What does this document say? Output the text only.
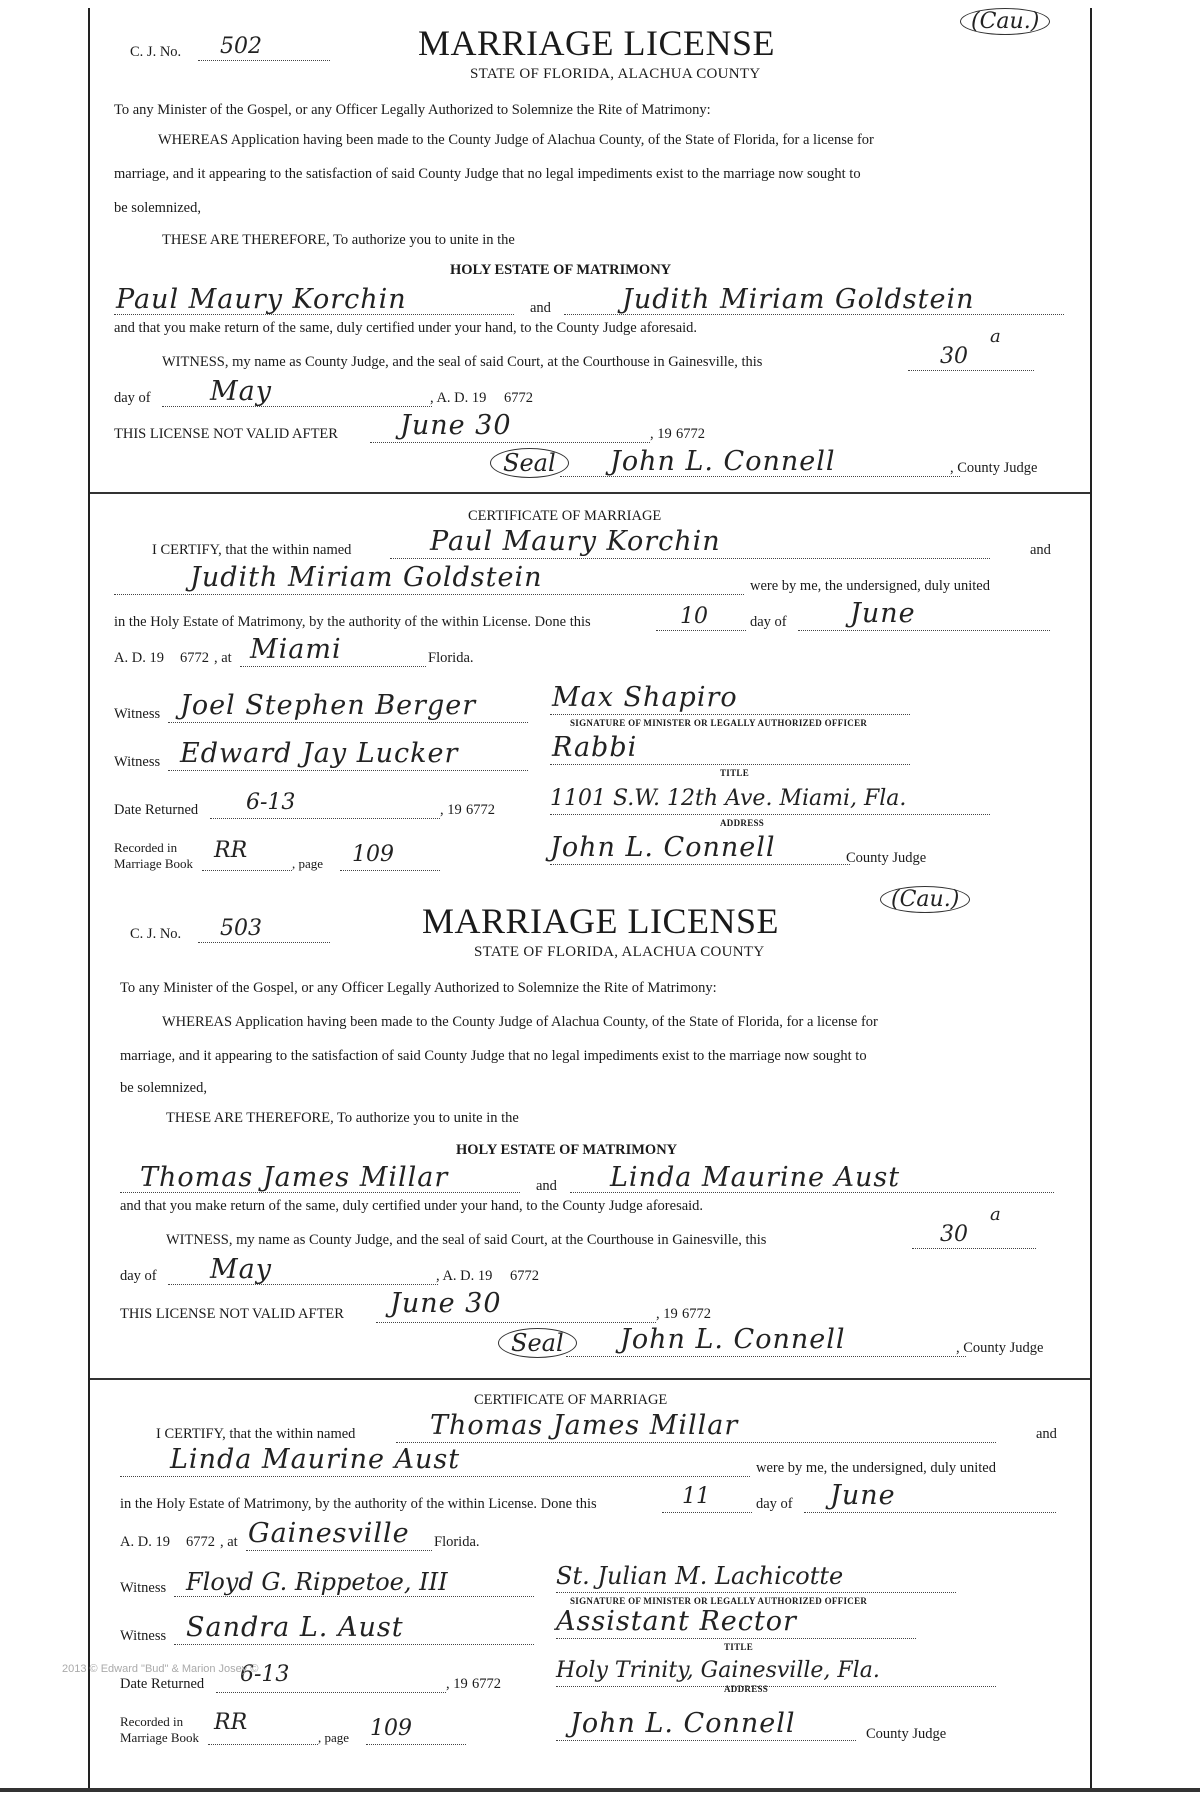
C. J. No. 502	MARRIAGE LICENSE
(Cau.)
STATE OF FLORIDA, ALACHUA COUNTY
To any Minister of the Gospel, or any Officer Legally Authorized to Solemnize the Rite of Matrimony:
WHEREAS Application having been made to the County Judge of Alachua County, of the State of Florida, for a license for
marriage, and it appearing to the satisfaction of said County Judge that no legal impediments exist to the marriage now sought to
be solemnized,
THESE ARE THEREFORE, To authorize you to unite in the
HOLY ESTATE OF MATRIMONY
Paul Maury Korchin	and	Judith Miriam Goldstein
and that you make return of the same, duly certified under your hand, to the County Judge aforesaid.
WITNESS, my name as County Judge, and the seal of said Court, at the Courthouse in Gainesville, this	30
a
day of May	, A. D. 19 6772
THIS LICENSE NOT VALID AFTER June 30	, 19 6772
Seal	John L. Connell	, County Judge
CERTIFICATE OF MARRIAGE
I CERTIFY, that the within named	Paul Maury Korchin	and
Judith Miriam Goldstein	were by me, the undersigned, duly united
in the Holy Estate of Matrimony, by the authority of the within License. Done this	10	day of June
A. D. 19 6772 , at Miami	Florida.
Witness Joel Stephen Berger	Max Shapiro
SIGNATURE OF MINISTER OR LEGALLY AUTHORIZED OFFICER
Witness Edward Jay Lucker	Rabbi
TITLE
Date Returned 6-13	, 19 6772	1101 S.W. 12th Ave. Miami, Fla.
ADDRESS
Recorded in
Marriage Book
RR
, page 109	John L. Connell	County Judge
C. J. No. 503	MARRIAGE LICENSE
(Cau.)
STATE OF FLORIDA, ALACHUA COUNTY
To any Minister of the Gospel, or any Officer Legally Authorized to Solemnize the Rite of Matrimony:
WHEREAS Application having been made to the County Judge of Alachua County, of the State of Florida, for a license for
marriage, and it appearing to the satisfaction of said County Judge that no legal impediments exist to the marriage now sought to
be solemnized,
THESE ARE THEREFORE, To authorize you to unite in the
HOLY ESTATE OF MATRIMONY
Thomas James Millar	and Linda Maurine Aust
and that you make return of the same, duly certified under your hand, to the County Judge aforesaid.
WITNESS, my name as County Judge, and the seal of said Court, at the Courthouse in Gainesville, this	30
a
day of May	, A. D. 19 6772
THIS LICENSE NOT VALID AFTER June 30	, 19 6772
Seal	John L. Connell	, County Judge
CERTIFICATE OF MARRIAGE
I CERTIFY, that the within named	Thomas James Millar	and
Linda Maurine Aust	were by me, the undersigned, duly united
in the Holy Estate of Matrimony, by the authority of the within License. Done this	11	day of June
A. D. 19 6772 , at Gainesville Florida.
Witness Floyd G. Rippetoe, III	St. Julian M. Lachicotte
SIGNATURE OF MINISTER OR LEGALLY AUTHORIZED OFFICER
Witness Sandra L. Aust	Assistant Rector
TITLE
Date Returned 6-13	, 19 6772
Holy Trinity, Gainesville, Fla.
ADDRESS
Recorded in
Marriage Book
RR
, page 109	John L. Connell	County Judge
2013 © Edward "Bud" & Marion Josey ©
